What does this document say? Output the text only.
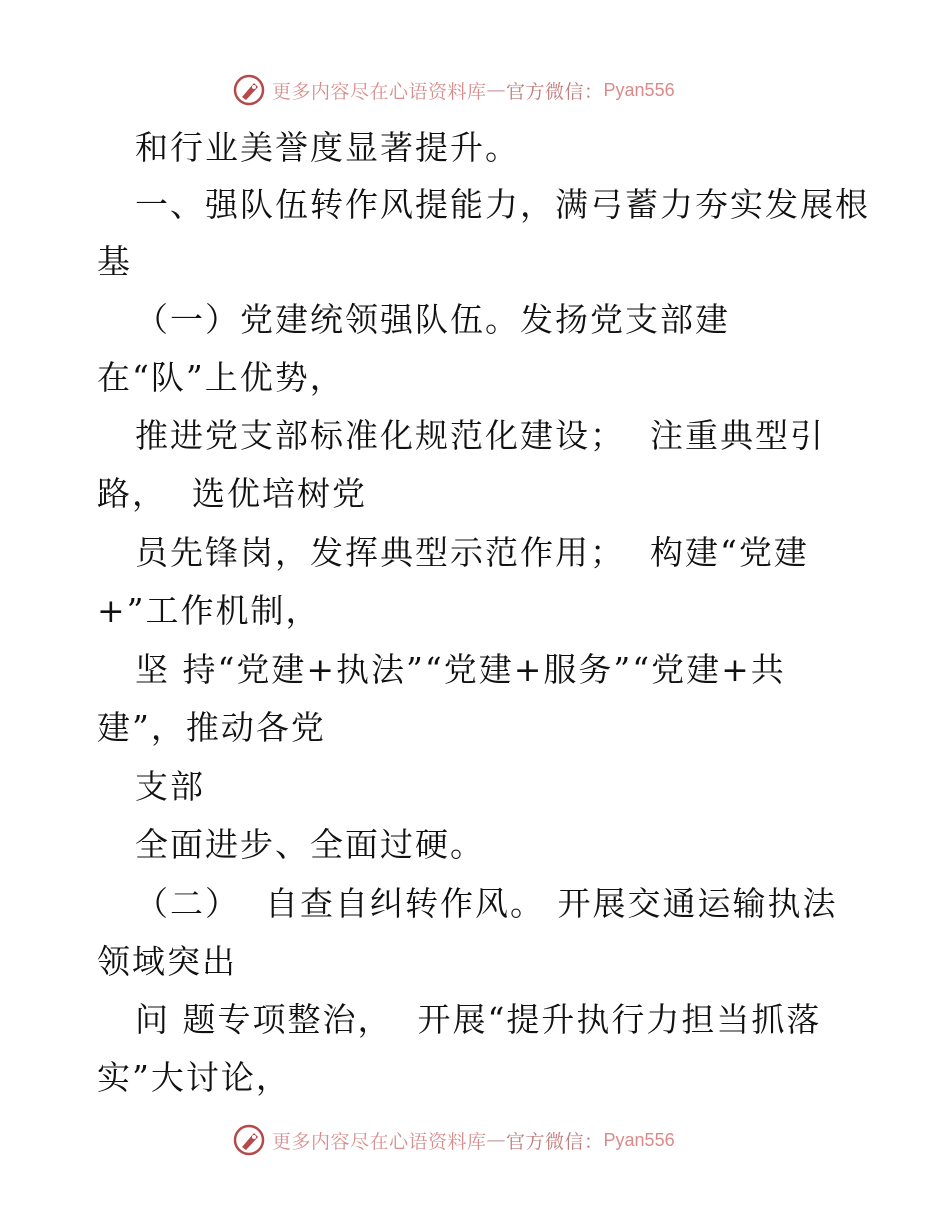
更多内容尽在心语资料库 — 官方微信： Pyan556
和行业美誉度显著提升。
一、强队伍转作风提能力，满弓蓄力夯实发展根
基
（一）党建统领强队伍。发扬党支部建
在“队”上优势，
推进党支部标准化规范化建设；  注重典型引
路，  选优培树党
员先锋岗，发挥典型示范作用；  构建“党建
+”工作机制，
坚 持“党建+执法”“党建+服务”“党建+共
建”，推动各党
支部
全面进步、全面过硬。
（二）  自查自纠转作风。 开展交通运输执法
领域突出
问 题专项整治，  开展“提升执行力担当抓落
实”大讨论，
更多内容尽在心语资料库 — 官方微信： Pyan556
